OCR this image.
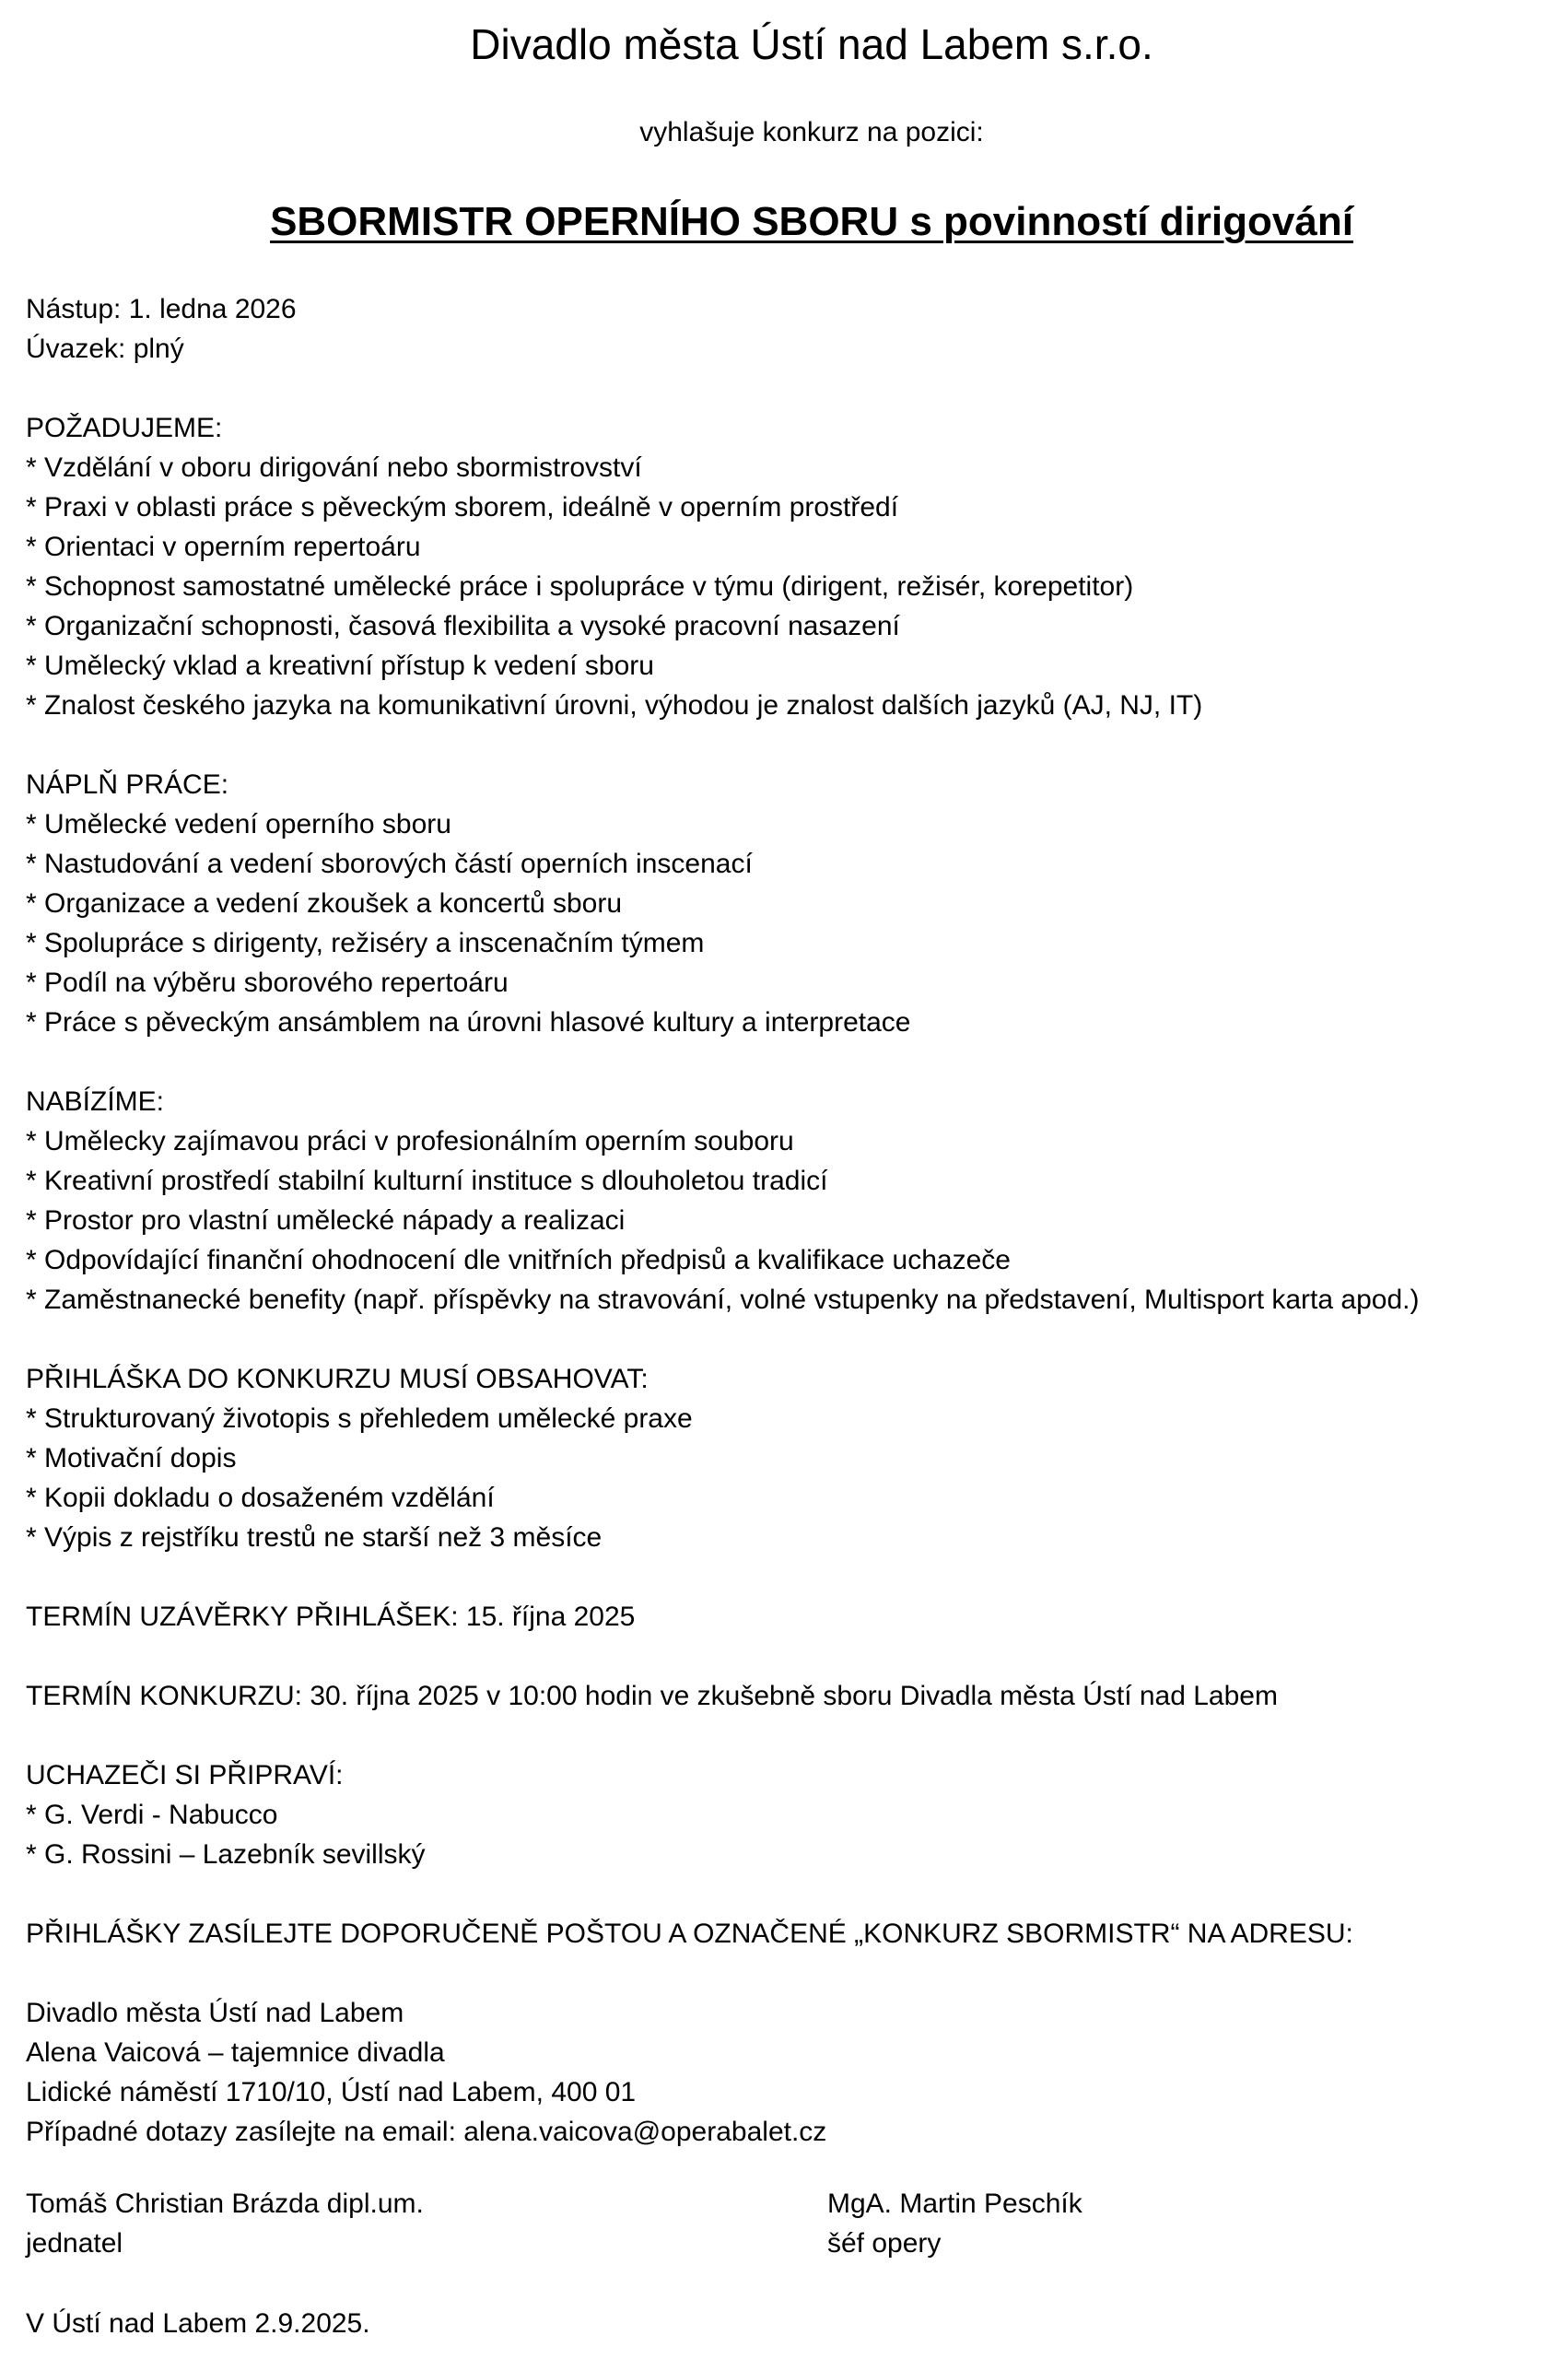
Divadlo města Ústí nad Labem s.r.o.
vyhlašuje konkurz na pozici:
SBORMISTR OPERNÍHO SBORU s povinností dirigování
Nástup: 1. ledna 2026
Úvazek: plný
POŽADUJEME:
* Vzdělání v oboru dirigování nebo sbormistrovství
* Praxi v oblasti práce s pěveckým sborem, ideálně v operním prostředí
* Orientaci v operním repertoáru
* Schopnost samostatné umělecké práce i spolupráce v týmu (dirigent, režisér, korepetitor)
* Organizační schopnosti, časová flexibilita a vysoké pracovní nasazení
* Umělecký vklad a kreativní přístup k vedení sboru
* Znalost českého jazyka na komunikativní úrovni, výhodou je znalost dalších jazyků (AJ, NJ, IT)
NÁPLŇ PRÁCE:
* Umělecké vedení operního sboru
* Nastudování a vedení sborových částí operních inscenací
* Organizace a vedení zkoušek a koncertů sboru
* Spolupráce s dirigenty, režiséry a inscenačním týmem
* Podíl na výběru sborového repertoáru
* Práce s pěveckým ansámblem na úrovni hlasové kultury a interpretace
NABÍZÍME:
* Umělecky zajímavou práci v profesionálním operním souboru
* Kreativní prostředí stabilní kulturní instituce s dlouholetou tradicí
* Prostor pro vlastní umělecké nápady a realizaci
* Odpovídající finanční ohodnocení dle vnitřních předpisů a kvalifikace uchazeče
* Zaměstnanecké benefity (např. příspěvky na stravování, volné vstupenky na představení, Multisport karta apod.)
PŘIHLÁŠKA DO KONKURZU MUSÍ OBSAHOVAT:
* Strukturovaný životopis s přehledem umělecké praxe
* Motivační dopis
* Kopii dokladu o dosaženém vzdělání
* Výpis z rejstříku trestů ne starší než 3 měsíce
TERMÍN UZÁVĚRKY PŘIHLÁŠEK: 15. října 2025
TERMÍN KONKURZU: 30. října 2025 v 10:00 hodin ve zkušebně sboru Divadla města Ústí nad Labem
UCHAZEČI SI PŘIPRAVÍ:
* G. Verdi - Nabucco
* G. Rossini – Lazebník sevillský
PŘIHLÁŠKY ZASÍLEJTE DOPORUČENĚ POŠTOU A OZNAČENÉ „KONKURZ SBORMISTR“ NA ADRESU:
Divadlo města Ústí nad Labem
Alena Vaicová – tajemnice divadla
Lidické náměstí 1710/10, Ústí nad Labem, 400 01
Případné dotazy zasílejte na email: alena.vaicova@operabalet.cz
Tomáš Christian Brázda dipl.um.
jednatel
MgA. Martin Peschík
šéf opery
V Ústí nad Labem 2.9.2025.
